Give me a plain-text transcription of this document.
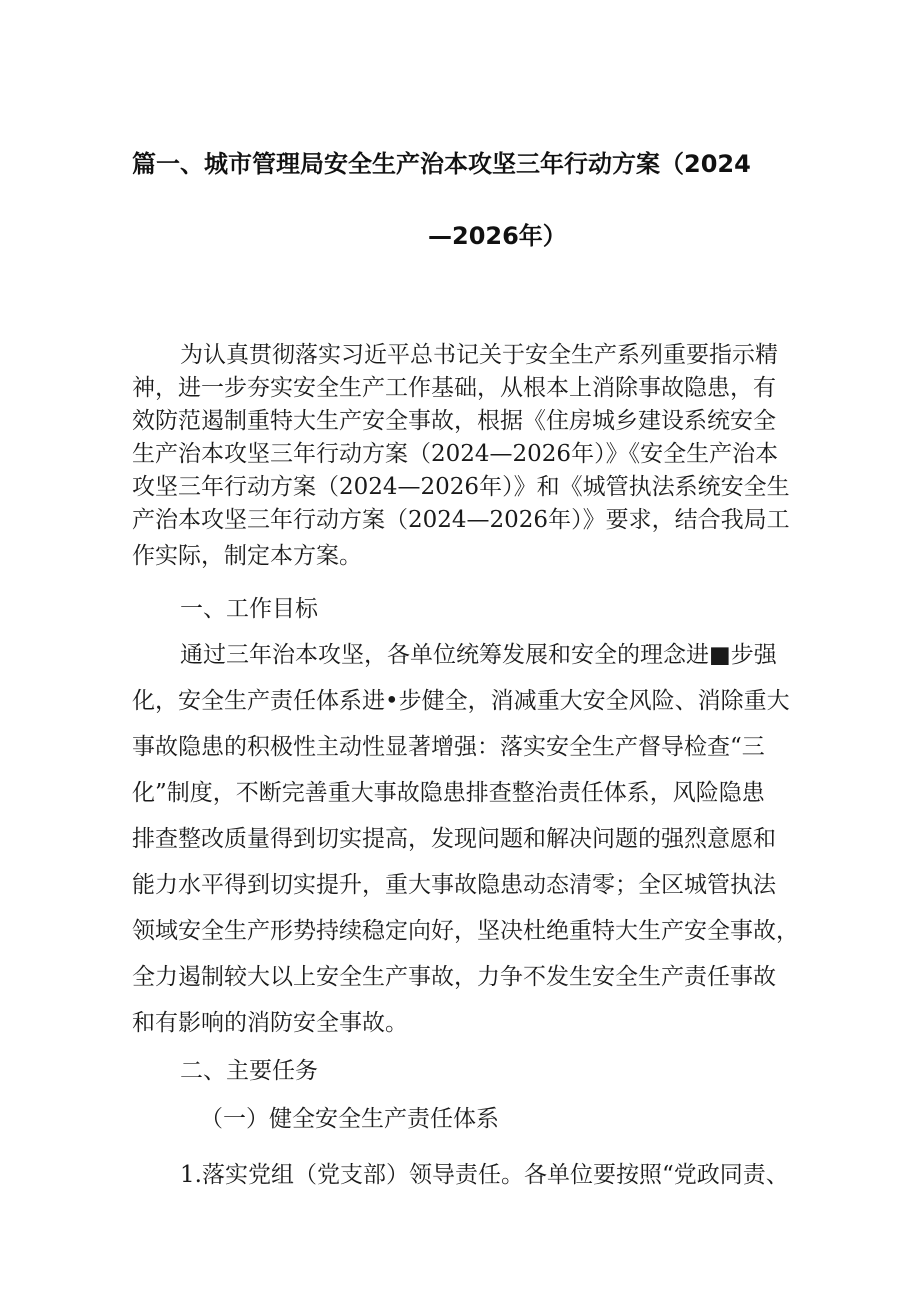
篇一、城市管理局安全生产治本攻坚三年行动方案（2024
—2026年）
为认真贯彻落实习近平总书记关于安全生产系列重要指示精
神，进一步夯实安全生产工作基础，从根本上消除事故隐患，有
效防范遏制重特大生产安全事故，根据《住房城乡建设系统安全
生产治本攻坚三年行动方案（2024—2026年）》《安全生产治本
攻坚三年行动方案（2024—2026年）》和《城管执法系统安全生
产治本攻坚三年行动方案（2024—2026年）》要求，结合我局工
作实际，制定本方案。
一、工作目标
通过三年治本攻坚，各单位统筹发展和安全的理念进■步强
化，安全生产责任体系进•步健全，消减重大安全风险、消除重大
事故隐患的积极性主动性显著增强：落实安全生产督导检查“三
化”制度，不断完善重大事故隐患排查整治责任体系，风险隐患
排查整改质量得到切实提高，发现问题和解决问题的强烈意愿和
能力水平得到切实提升，重大事故隐患动态清零；全区城管执法
领域安全生产形势持续稳定向好，坚决杜绝重特大生产安全事故，
全力遏制较大以上安全生产事故，力争不发生安全生产责任事故
和有影响的消防安全事故。
二、主要任务
（一）健全安全生产责任体系
1.落实党组（党支部）领导责任。各单位要按照“党政同责、
